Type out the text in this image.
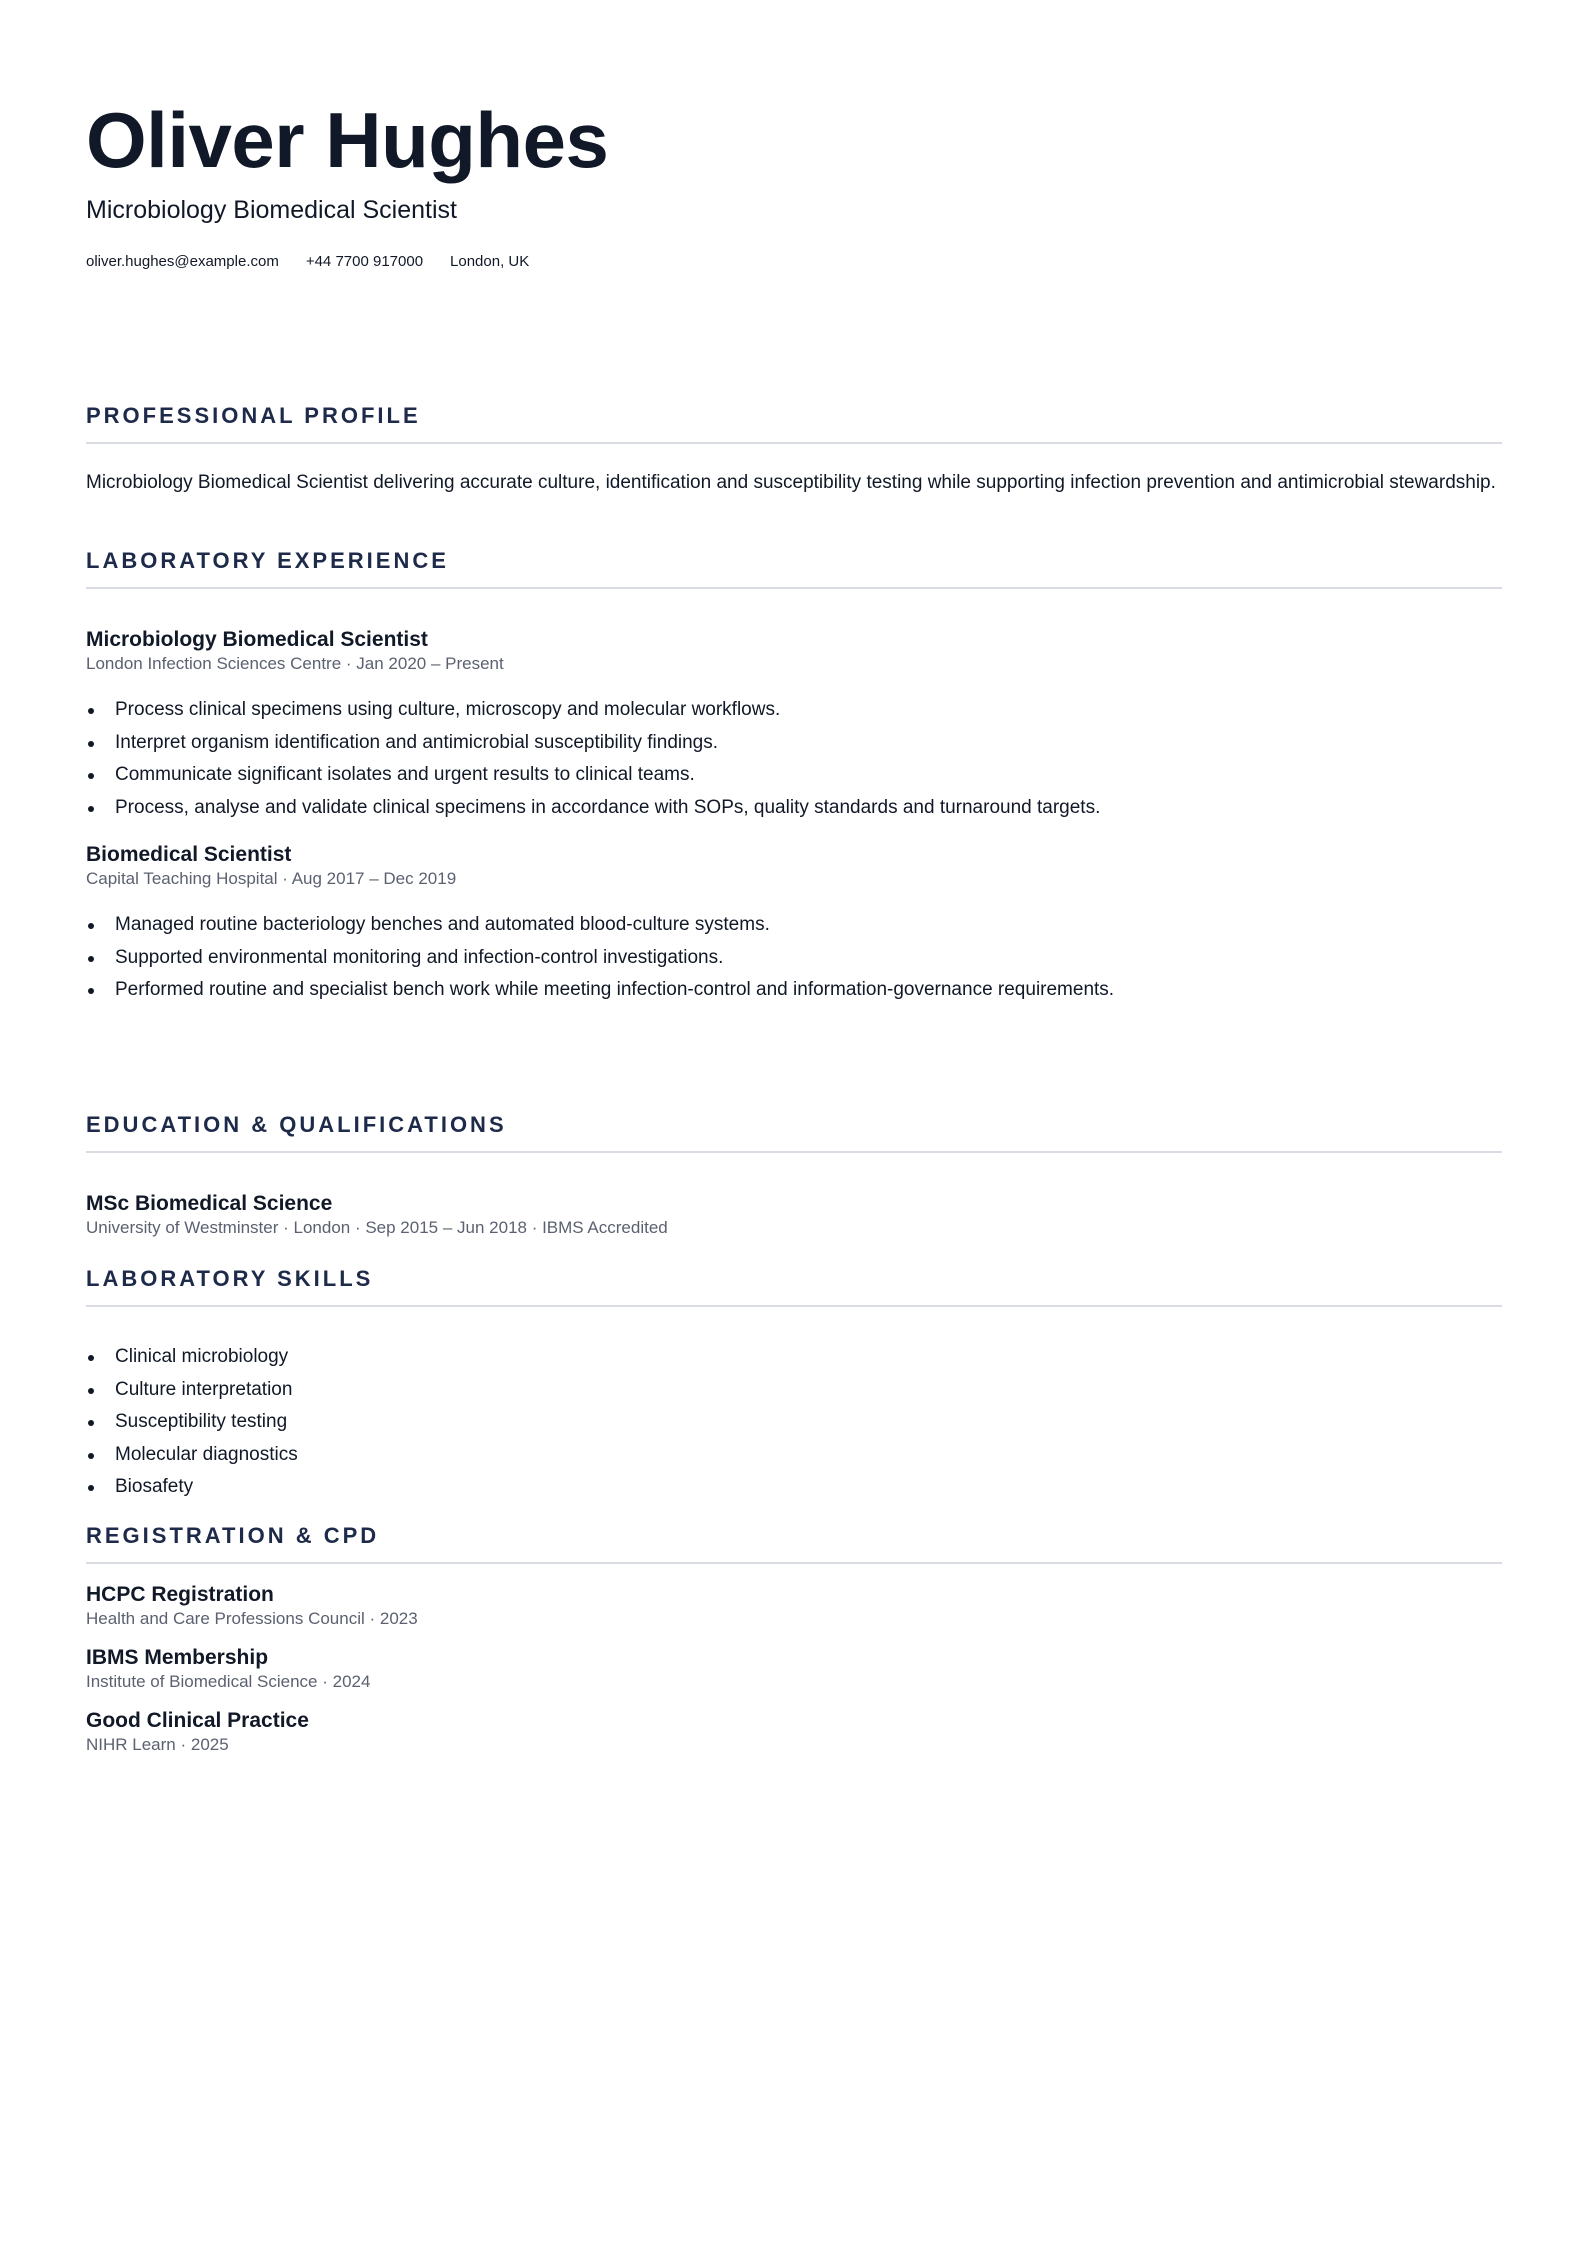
Oliver Hughes
Microbiology Biomedical Scientist
oliver.hughes@example.com +44 7700 917000 London, UK
PROFESSIONAL PROFILE
Microbiology Biomedical Scientist delivering accurate culture, identification and susceptibility testing while supporting infection prevention and antimicrobial stewardship.
LABORATORY EXPERIENCE
Microbiology Biomedical Scientist
London Infection Sciences Centre · Jan 2020 – Present
Process clinical specimens using culture, microscopy and molecular workflows.
Interpret organism identification and antimicrobial susceptibility findings.
Communicate significant isolates and urgent results to clinical teams.
Process, analyse and validate clinical specimens in accordance with SOPs, quality standards and turnaround targets.
Biomedical Scientist
Capital Teaching Hospital · Aug 2017 – Dec 2019
Managed routine bacteriology benches and automated blood-culture systems.
Supported environmental monitoring and infection-control investigations.
Performed routine and specialist bench work while meeting infection-control and information-governance requirements.
EDUCATION & QUALIFICATIONS
MSc Biomedical Science
University of Westminster · London · Sep 2015 – Jun 2018 · IBMS Accredited
LABORATORY SKILLS
Clinical microbiology
Culture interpretation
Susceptibility testing
Molecular diagnostics
Biosafety
REGISTRATION & CPD
HCPC Registration
Health and Care Professions Council · 2023
IBMS Membership
Institute of Biomedical Science · 2024
Good Clinical Practice
NIHR Learn · 2025
